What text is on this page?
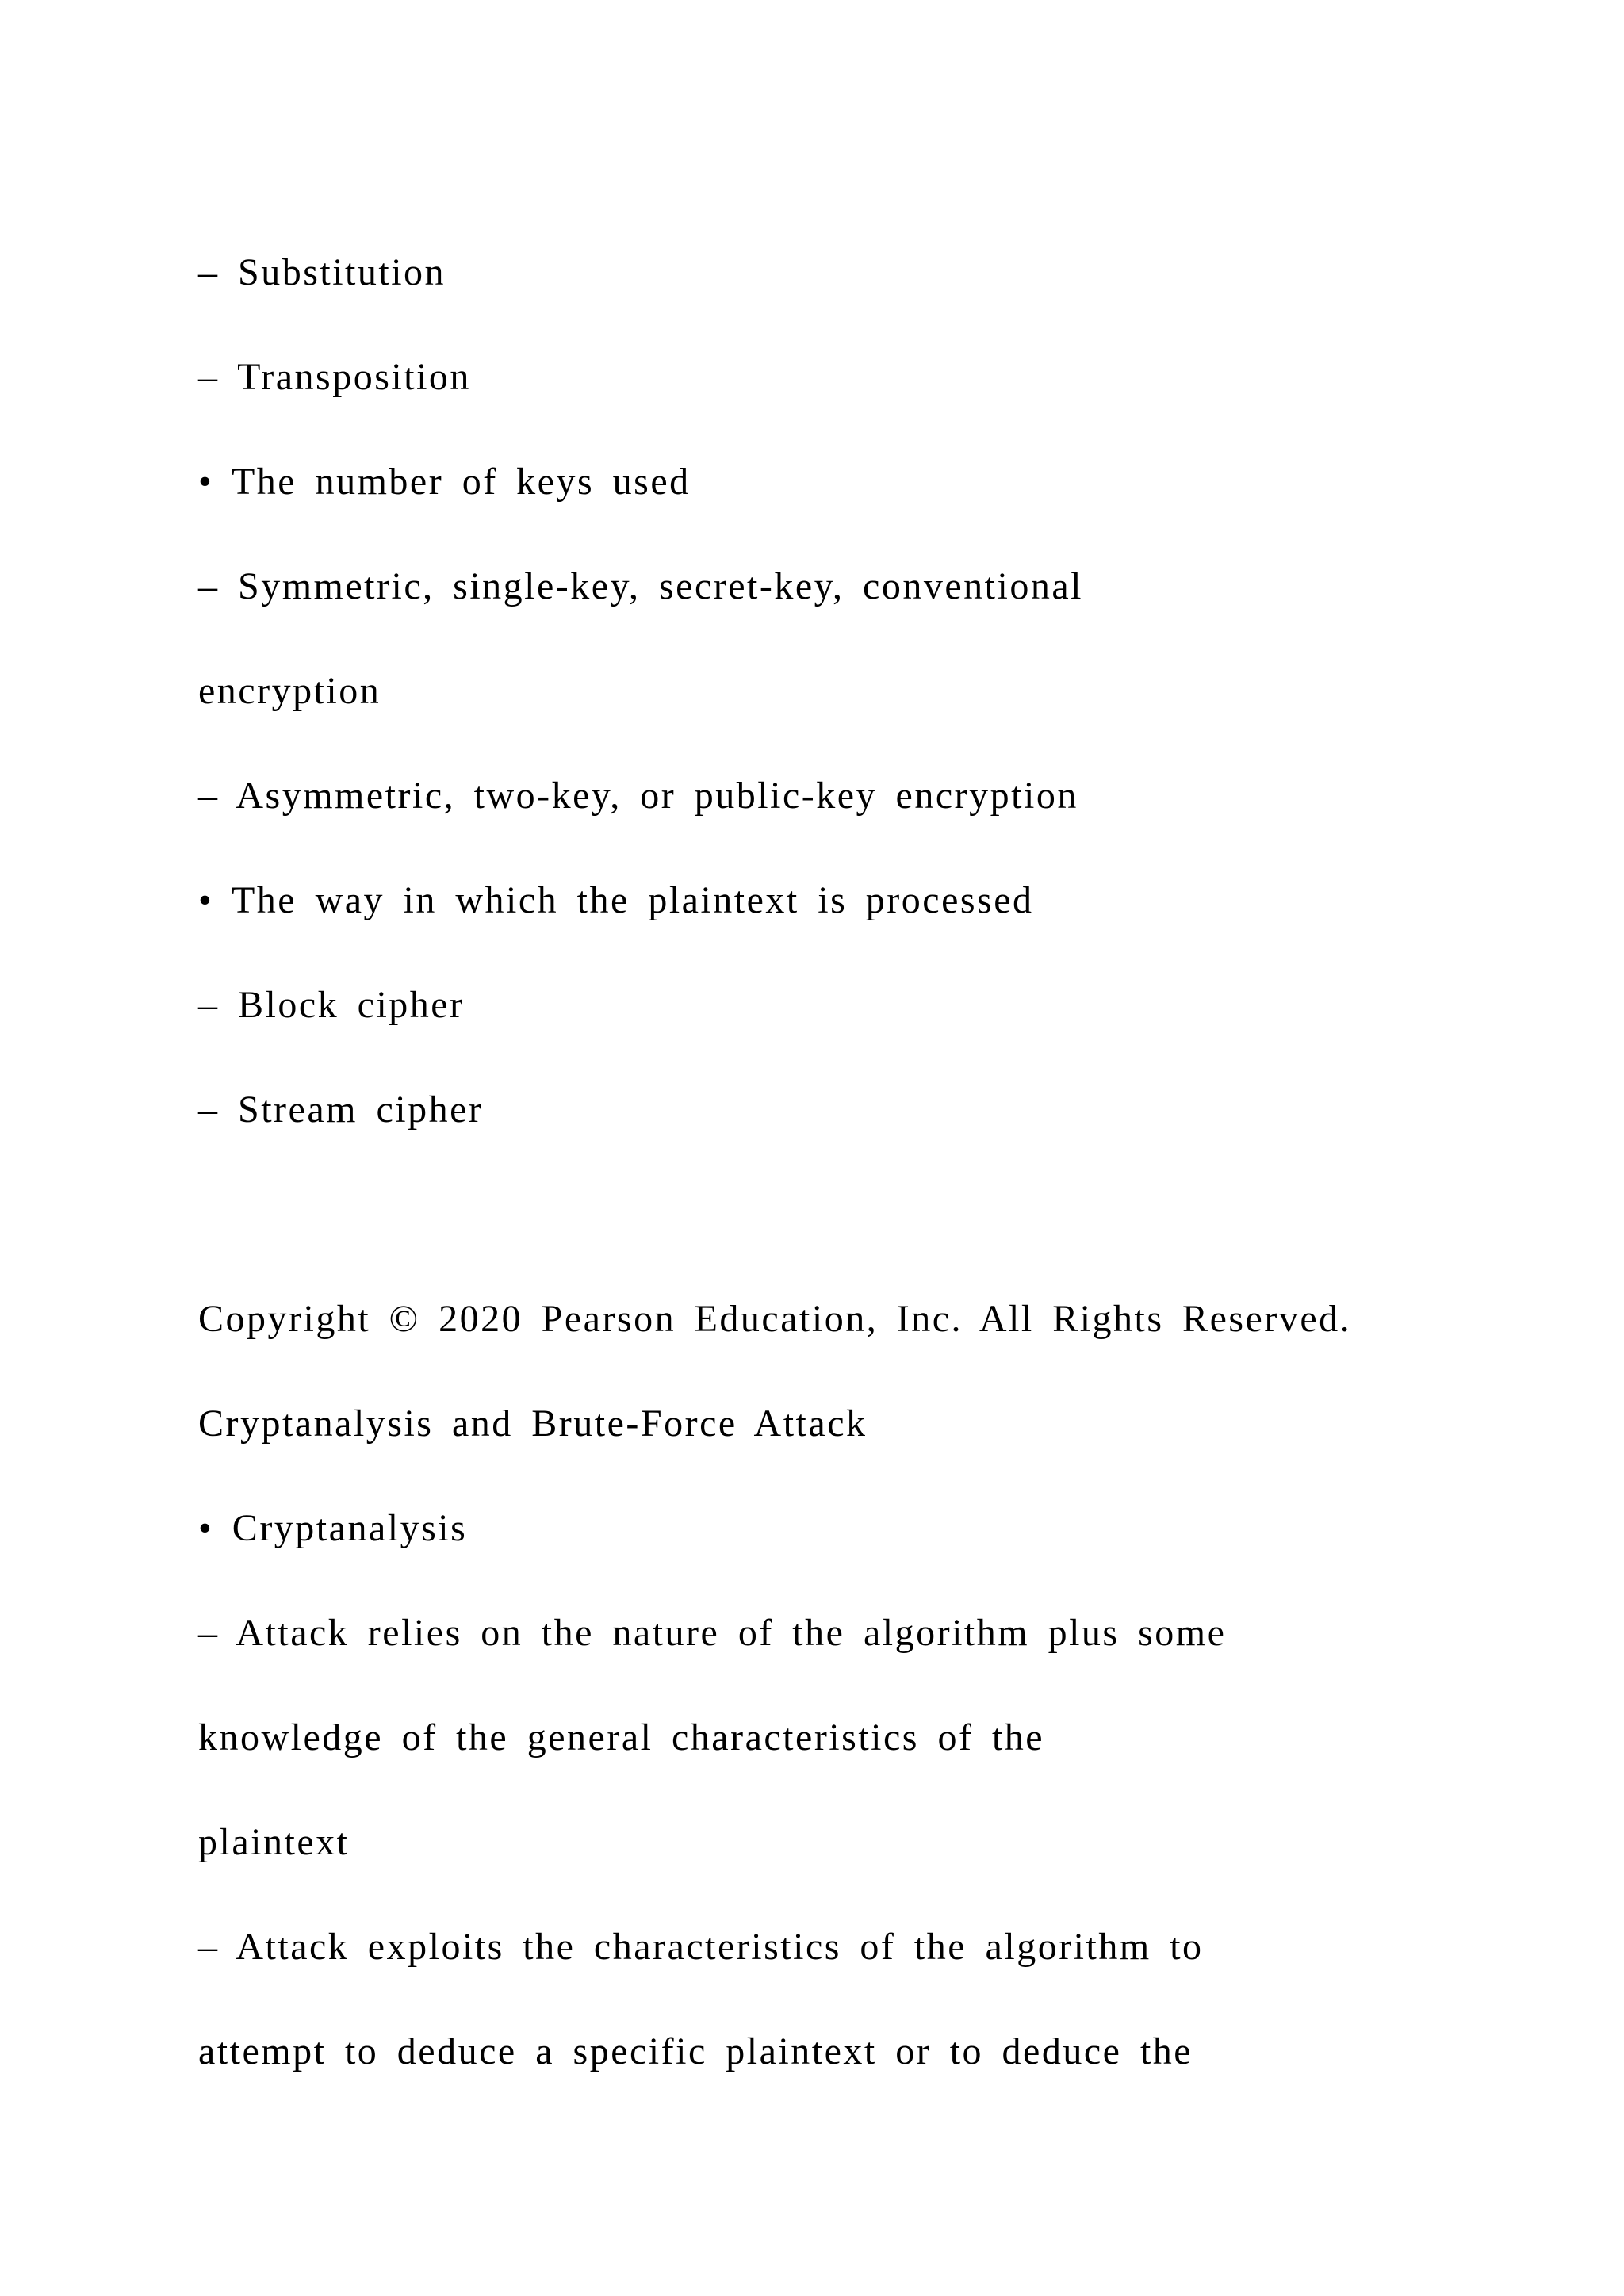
– Substitution

– Transposition

• The number of keys used

– Symmetric, single-key, secret-key, conventional

encryption

– Asymmetric, two-key, or public-key encryption

• The way in which the plaintext is processed

– Block cipher

– Stream cipher

Copyright © 2020 Pearson Education, Inc. All Rights Reserved.

Cryptanalysis and Brute-Force Attack

• Cryptanalysis

– Attack relies on the nature of the algorithm plus some

knowledge of the general characteristics of the

plaintext

– Attack exploits the characteristics of the algorithm to

attempt to deduce a specific plaintext or to deduce the
